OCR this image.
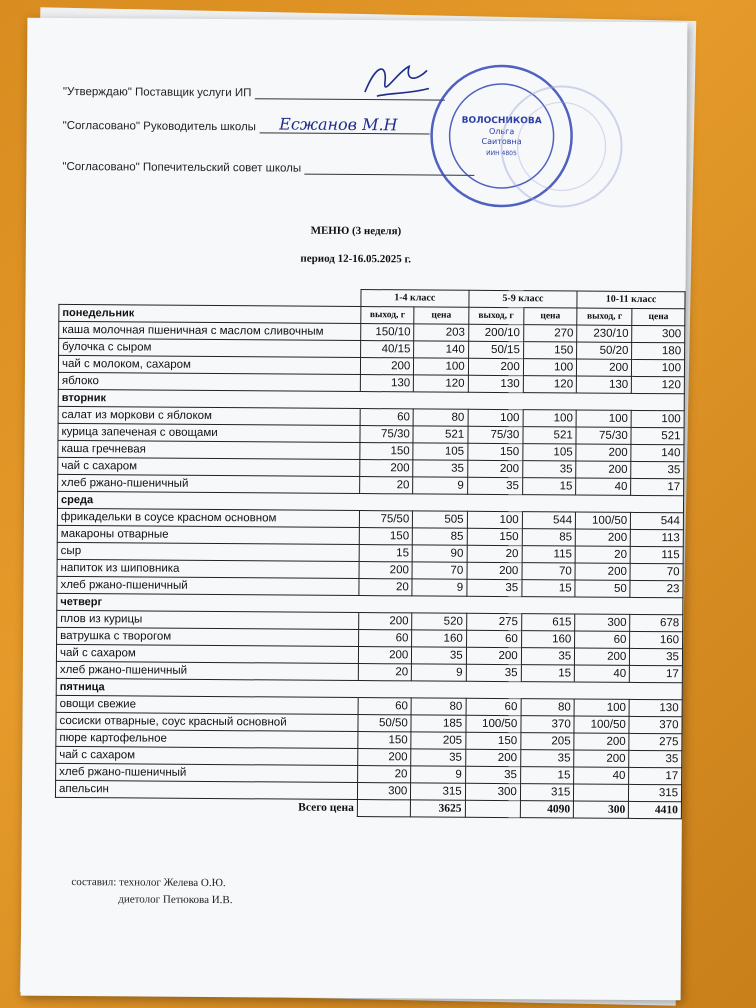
"Утверждаю" Поставщик услуги ИП
"Согласовано" Руководитель школы Есжанов М.Н
"Согласовано" Попечительский совет школы
ВОЛОСНИКОВА
Ольга
Саитовна
ИИН 4805
МЕНЮ (3 неделя)
период 12-16.05.2025 г.
	1-4 класс		5-9 класс		10-11 класс	
понедельник	выход, г	цена	выход, г	цена	выход, г	цена
каша молочная пшеничная с маслом сливочным	150/10	203	200/10	270	230/10	300
булочка с сыром	40/15	140	50/15	150	50/20	180
чай с молоком, сахаром	200	100	200	100	200	100
яблоко	130	120	130	120	130	120
вторник						
салат из моркови с яблоком	60	80	100	100	100	100
курица запеченая с овощами	75/30	521	75/30	521	75/30	521
каша гречневая	150	105	150	105	200	140
чай с сахаром	200	35	200	35	200	35
хлеб ржано-пшеничный	20	9	35	15	40	17
среда						
фрикадельки в соусе красном основном	75/50	505	100	544	100/50	544
макароны отварные	150	85	150	85	200	113
сыр	15	90	20	115	20	115
напиток из шиповника	200	70	200	70	200	70
хлеб ржано-пшеничный	20	9	35	15	50	23
четверг						
плов из курицы	200	520	275	615	300	678
ватрушка с творогом	60	160	60	160	60	160
чай с сахаром	200	35	200	35	200	35
хлеб ржано-пшеничный	20	9	35	15	40	17
пятница						
овощи свежие	60	80	60	80	100	130
сосиски отварные, соус красный основной	50/50	185	100/50	370	100/50	370
пюре картофельное	150	205	150	205	200	275
чай с сахаром	200	35	200	35	200	35
хлеб ржано-пшеничный	20	9	35	15	40	17
апельсин	300	315	300	315		315
Всего цена		3625		4090	300	4410
составил: технолог Желева О.Ю.
диетолог Петюкова И.В.
